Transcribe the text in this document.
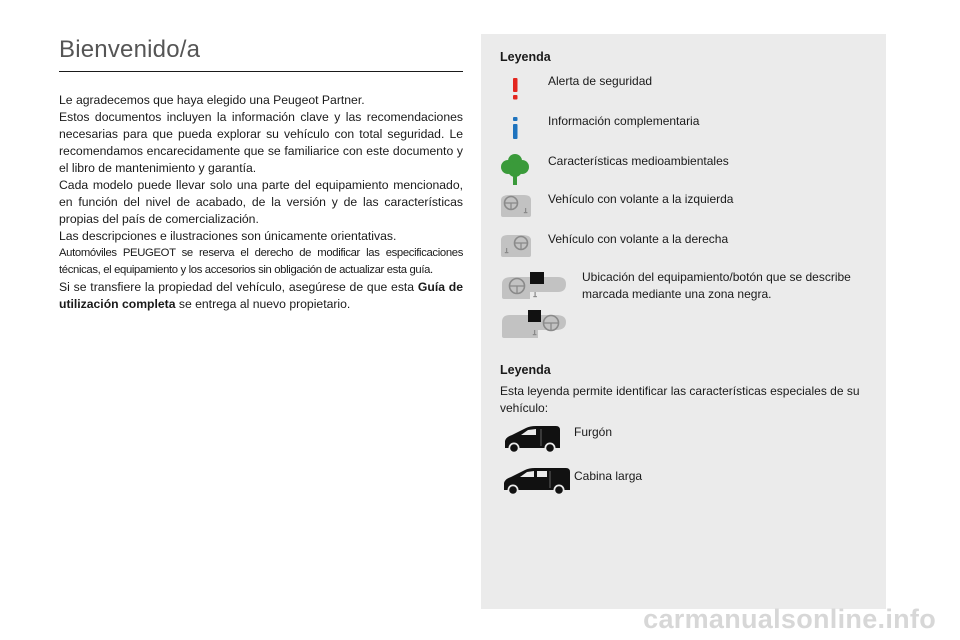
Bienvenido/a

Le agradecemos que haya elegido una Peugeot Partner.

Estos documentos incluyen la información clave y las recomendaciones necesarias para que pueda explorar su vehículo con total seguridad. Le recomendamos encarecidamente que se familiarice con este documento y el libro de mantenimiento y garantía.

Cada modelo puede llevar solo una parte del equipamiento mencionado, en función del nivel de acabado, de la versión y de las características propias del país de comercialización.

Las descripciones e ilustraciones son únicamente orientativas.

Automóviles PEUGEOT se reserva el derecho de modificar las especificaciones técnicas, el equipamiento y los accesorios sin obligación de actualizar esta guía.

Si se transfiere la propiedad del vehículo, asegúrese de que esta Guía de utilización completa se entrega al nuevo propietario.

Leyenda
Alerta de seguridad
Información complementaria
Características medioambientales
Vehículo con volante a la izquierda
Vehículo con volante a la derecha
Ubicación del equipamiento/botón que se describe marcada mediante una zona negra.
Leyenda

Esta leyenda permite identificar las características especiales de su vehículo:

Furgón
Cabina larga
carmanualsonline.info
